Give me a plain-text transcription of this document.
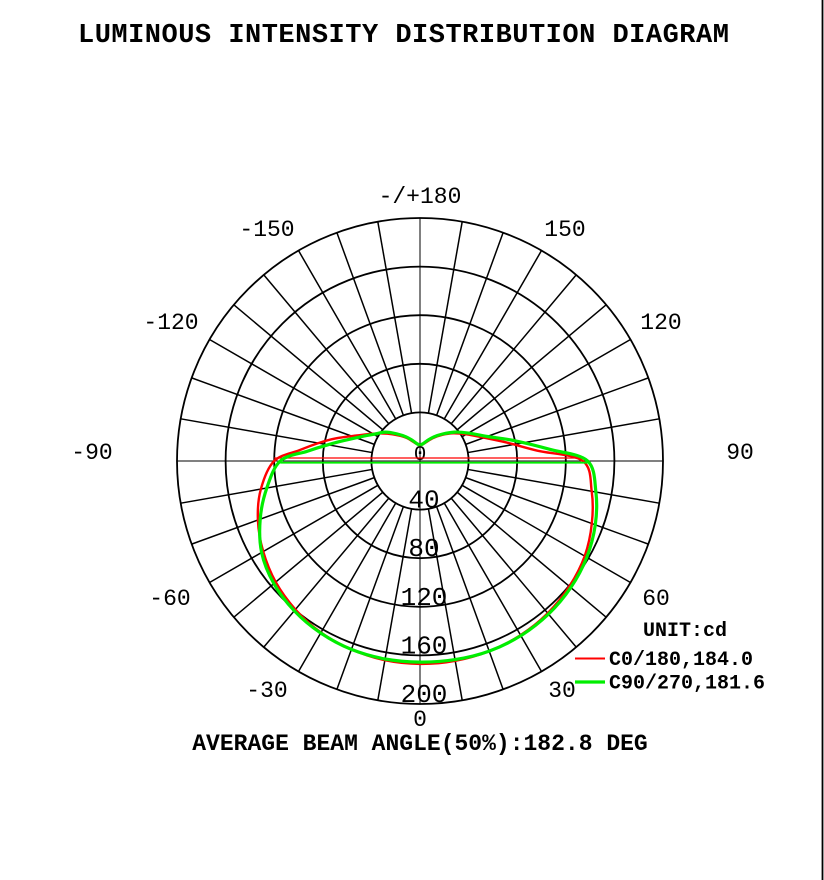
LUMINOUS INTENSITY DISTRIBUTION DIAGRAM
0
-/+180
-150	150
-120	120
-90	90
-60	60
-30	30
0
40
80
120
160
200
UNIT:cd
C0/180,184.0
C90/270,181.6
AVERAGE BEAM ANGLE(50%):182.8 DEG
